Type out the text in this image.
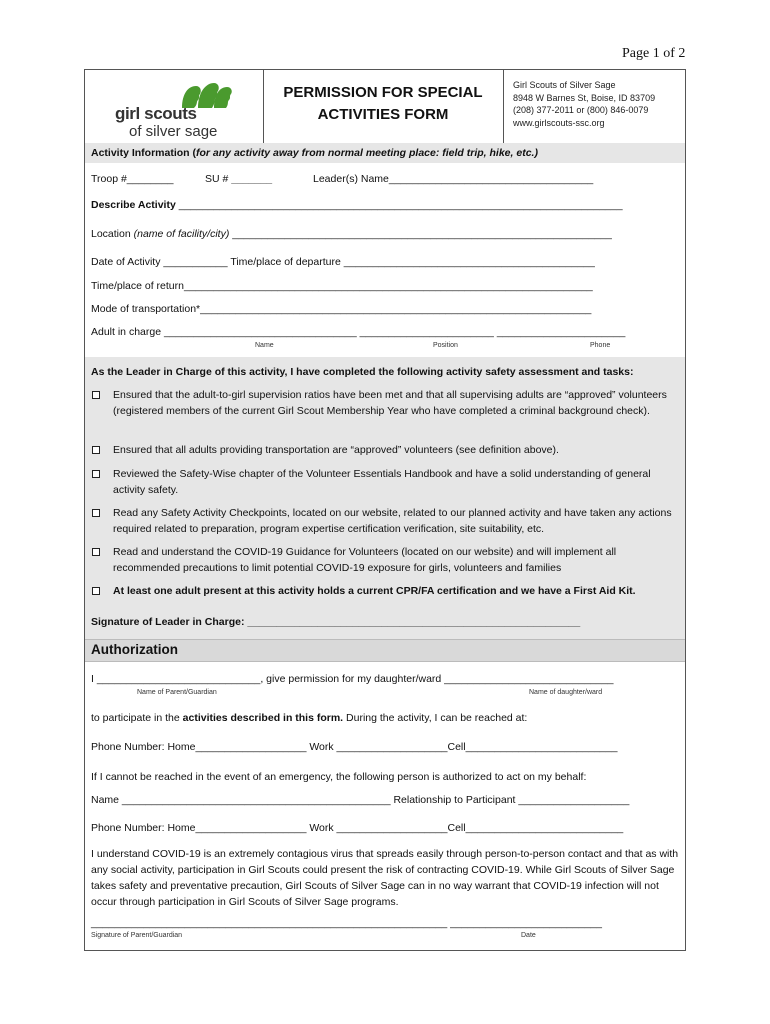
Page 1 of 2
girl scouts
of silver sage
PERMISSION FOR SPECIAL
ACTIVITIES FORM
Girl Scouts of Silver Sage
8948 W Barnes St, Boise, ID 83709
(208) 377-2011 or (800) 846-0079
www.girlscouts-ssc.org
Activity Information (for any activity away from normal meeting place: field trip, hike, etc.)
Troop #________	SU # _______	Leader(s) Name___________________________________
Describe Activity ____________________________________________________________________________
Location (name of facility/city) _________________________________________________________________
Date of Activity ___________ Time/place of departure ___________________________________________
Time/place of return______________________________________________________________________
Mode of transportation*___________________________________________________________________
Adult in charge _________________________________ _______________________ ______________________
Name	Position	Phone
As the Leader in Charge of this activity, I have completed the following activity safety assessment and tasks:
Ensured that the adult-to-girl supervision ratios have been met and that all supervising adults are “approved” volunteers (registered members of the current Girl Scout Membership Year who have completed a criminal background check).
Ensured that all adults providing transportation are “approved” volunteers (see definition above).
Reviewed the Safety-Wise chapter of the Volunteer Essentials Handbook and have a solid understanding of general activity safety.
Read any Safety Activity Checkpoints, located on our website, related to our planned activity and have taken any actions required related to preparation, program expertise certification verification, site suitability, etc.
Read and understand the COVID-19 Guidance for Volunteers (located on our website) and will implement all recommended precautions to limit potential COVID-19 exposure for girls, volunteers and families
At least one adult present at this activity holds a current CPR/FA certification and we have a First Aid Kit.
Signature of Leader in Charge: _________________________________________________________
Authorization
I ____________________________, give permission for my daughter/ward _____________________________
Name of Parent/Guardian	Name of daughter/ward
to participate in the activities described in this form. During the activity, I can be reached at:
Phone Number: Home___________________ Work ___________________Cell__________________________
If I cannot be reached in the event of an emergency, the following person is authorized to act on my behalf:
Name ______________________________________________ Relationship to Participant ___________________
Phone Number: Home___________________ Work ___________________Cell___________________________
I understand COVID-19 is an extremely contagious virus that spreads easily through person-to-person contact and that as with any social activity, participation in Girl Scouts could present the risk of contracting COVID-19. While Girl Scouts of Silver Sage takes safety and preventative precaution, Girl Scouts of Silver Sage can in no way warrant that COVID-19 infection will not occur through participation in Girl Scouts of Silver Sage programs.
_____________________________________________________________ __________________________
Signature of Parent/Guardian	Date
